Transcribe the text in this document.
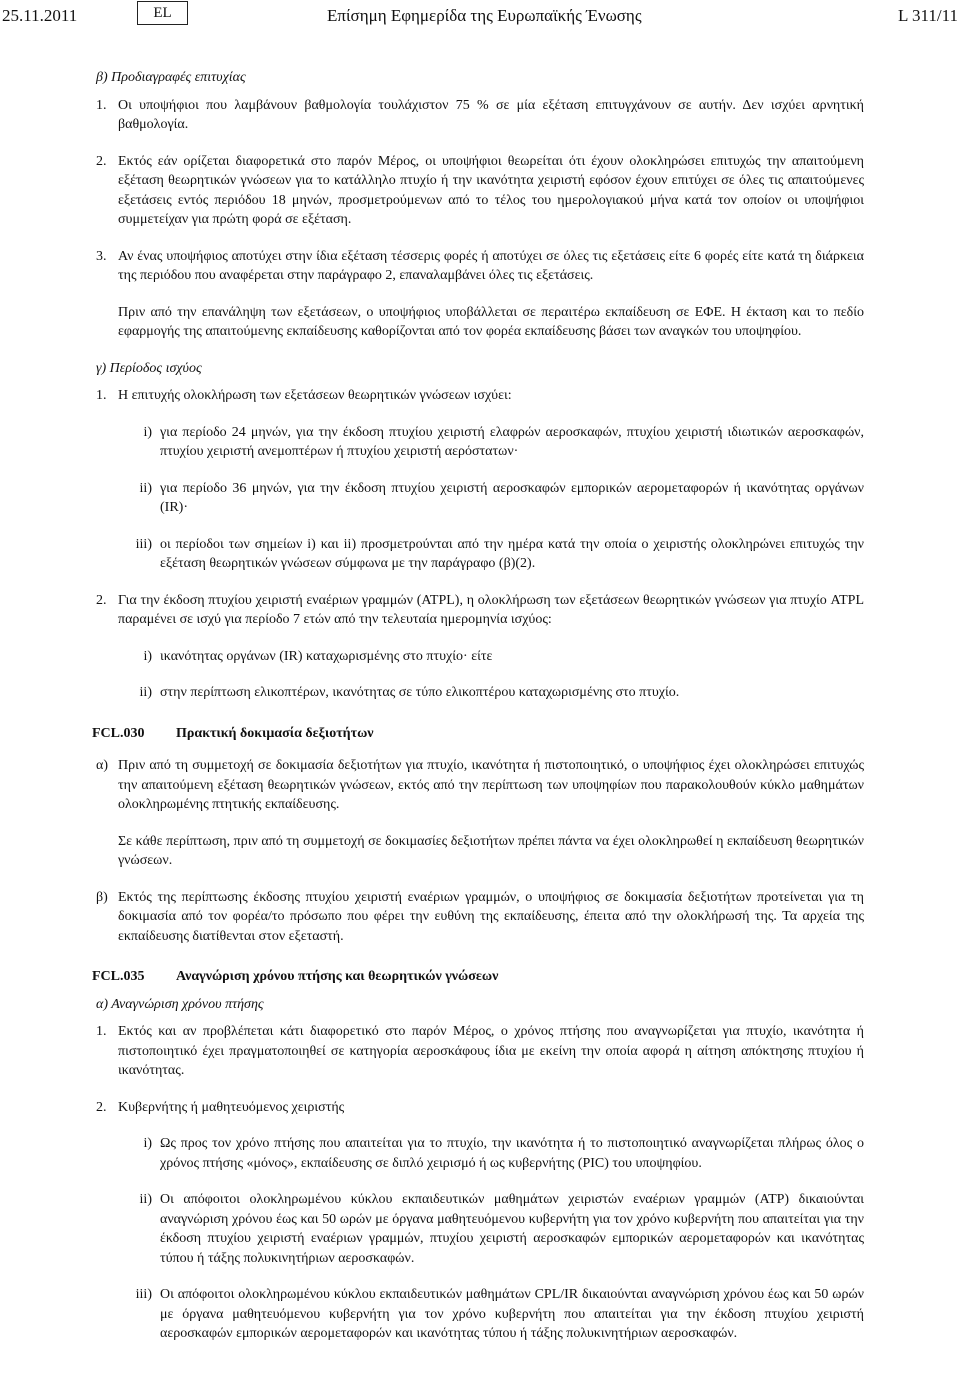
25.11.2011	EL	Επίσημη Εφημερίδα της Ευρωπαϊκής Ένωσης	L 311/11

β) Προδιαγραφές επιτυχίας

1. Οι υποψήφιοι που λαμβάνουν βαθμολογία τουλάχιστον 75 % σε μία εξέταση επιτυγχάνουν σε αυτήν. Δεν ισχύει αρνητική βαθμολογία.
2. Εκτός εάν ορίζεται διαφορετικά στο παρόν Μέρος, οι υποψήφιοι θεωρείται ότι έχουν ολοκληρώσει επιτυχώς την απαιτούμενη εξέταση θεωρητικών γνώσεων για το κατάλληλο πτυχίο ή την ικανότητα χειριστή εφόσον έχουν επιτύχει σε όλες τις απαιτούμενες εξετάσεις εντός περιόδου 18 μηνών, προσμετρούμενων από το τέλος του ημερολογιακού μήνα κατά τον οποίον οι υποψήφιοι συμμετείχαν για πρώτη φορά σε εξέταση.
3. Αν ένας υποψήφιος αποτύχει στην ίδια εξέταση τέσσερις φορές ή αποτύχει σε όλες τις εξετάσεις είτε 6 φορές είτε κατά τη διάρκεια της περιόδου που αναφέρεται στην παράγραφο 2, επαναλαμβάνει όλες τις εξετάσεις.

Πριν από την επανάληψη των εξετάσεων, ο υποψήφιος υποβάλλεται σε περαιτέρω εκπαίδευση σε ΕΦΕ. Η έκταση και το πεδίο εφαρμογής της απαιτούμενης εκπαίδευσης καθορίζονται από τον φορέα εκπαίδευσης βάσει των αναγκών του υποψηφίου.

γ) Περίοδος ισχύος

1. Η επιτυχής ολοκλήρωση των εξετάσεων θεωρητικών γνώσεων ισχύει:
i) για περίοδο 24 μηνών, για την έκδοση πτυχίου χειριστή ελαφρών αεροσκαφών, πτυχίου χειριστή ιδιωτικών αεροσκαφών, πτυχίου χειριστή ανεμοπτέρων ή πτυχίου χειριστή αερόστατων·
ii) για περίοδο 36 μηνών, για την έκδοση πτυχίου χειριστή αεροσκαφών εμπορικών αερομεταφορών ή ικανότητας οργάνων (IR)·
iii) οι περίοδοι των σημείων i) και ii) προσμετρούνται από την ημέρα κατά την οποία ο χειριστής ολοκληρώνει επιτυχώς την εξέταση θεωρητικών γνώσεων σύμφωνα με την παράγραφο (β)(2).
2. Για την έκδοση πτυχίου χειριστή εναέριων γραμμών (ATPL), η ολοκλήρωση των εξετάσεων θεωρητικών γνώσεων για πτυχίο ATPL παραμένει σε ισχύ για περίοδο 7 ετών από την τελευταία ημερομηνία ισχύος:
i) ικανότητας οργάνων (IR) καταχωρισμένης στο πτυχίο· είτε
ii) στην περίπτωση ελικοπτέρων, ικανότητας σε τύπο ελικοπτέρου καταχωρισμένης στο πτυχίο.
FCL.030	Πρακτική δοκιμασία δεξιοτήτων
α) Πριν από τη συμμετοχή σε δοκιμασία δεξιοτήτων για πτυχίο, ικανότητα ή πιστοποιητικό, ο υποψήφιος έχει ολοκληρώσει επιτυχώς την απαιτούμενη εξέταση θεωρητικών γνώσεων, εκτός από την περίπτωση των υποψηφίων που παρακολουθούν κύκλο μαθημάτων ολοκληρωμένης πτητικής εκπαίδευσης.

Σε κάθε περίπτωση, πριν από τη συμμετοχή σε δοκιμασίες δεξιοτήτων πρέπει πάντα να έχει ολοκληρωθεί η εκπαίδευση θεωρητικών γνώσεων.

β) Εκτός της περίπτωσης έκδοσης πτυχίου χειριστή εναέριων γραμμών, ο υποψήφιος σε δοκιμασία δεξιοτήτων προτείνεται για τη δοκιμασία από τον φορέα/το πρόσωπο που φέρει την ευθύνη της εκπαίδευσης, έπειτα από την ολοκλήρωσή της. Τα αρχεία της εκπαίδευσης διατίθενται στον εξεταστή.
FCL.035	Αναγνώριση χρόνου πτήσης και θεωρητικών γνώσεων

α) Αναγνώριση χρόνου πτήσης

1. Εκτός και αν προβλέπεται κάτι διαφορετικό στο παρόν Μέρος, ο χρόνος πτήσης που αναγνωρίζεται για πτυχίο, ικανότητα ή πιστοποιητικό έχει πραγματοποιηθεί σε κατηγορία αεροσκάφους ίδια με εκείνη την οποία αφορά η αίτηση απόκτησης πτυχίου ή ικανότητας.
2. Κυβερνήτης ή μαθητευόμενος χειριστής
i) Ως προς τον χρόνο πτήσης που απαιτείται για το πτυχίο, την ικανότητα ή το πιστοποιητικό αναγνωρίζεται πλήρως όλος ο χρόνος πτήσης «μόνος», εκπαίδευσης σε διπλό χειρισμό ή ως κυβερνήτης (PIC) του υποψηφίου.
ii) Οι απόφοιτοι ολοκληρωμένου κύκλου εκπαιδευτικών μαθημάτων χειριστών εναέριων γραμμών (ATP) δικαιούνται αναγνώριση χρόνου έως και 50 ωρών με όργανα μαθητευόμενου κυβερνήτη για τον χρόνο κυβερνήτη που απαιτείται για την έκδοση πτυχίου χειριστή εναέριων γραμμών, πτυχίου χειριστή αεροσκαφών εμπορικών αερομεταφορών και ικανότητας τύπου ή τάξης πολυκινητήριων αεροσκαφών.
iii) Οι απόφοιτοι ολοκληρωμένου κύκλου εκπαιδευτικών μαθημάτων CPL/IR δικαιούνται αναγνώριση χρόνου έως και 50 ωρών με όργανα μαθητευόμενου κυβερνήτη για τον χρόνο κυβερνήτη που απαιτείται για την έκδοση πτυχίου χειριστή αεροσκαφών εμπορικών αερομεταφορών και ικανότητας τύπου ή τάξης πολυκινητήριων αεροσκαφών.
